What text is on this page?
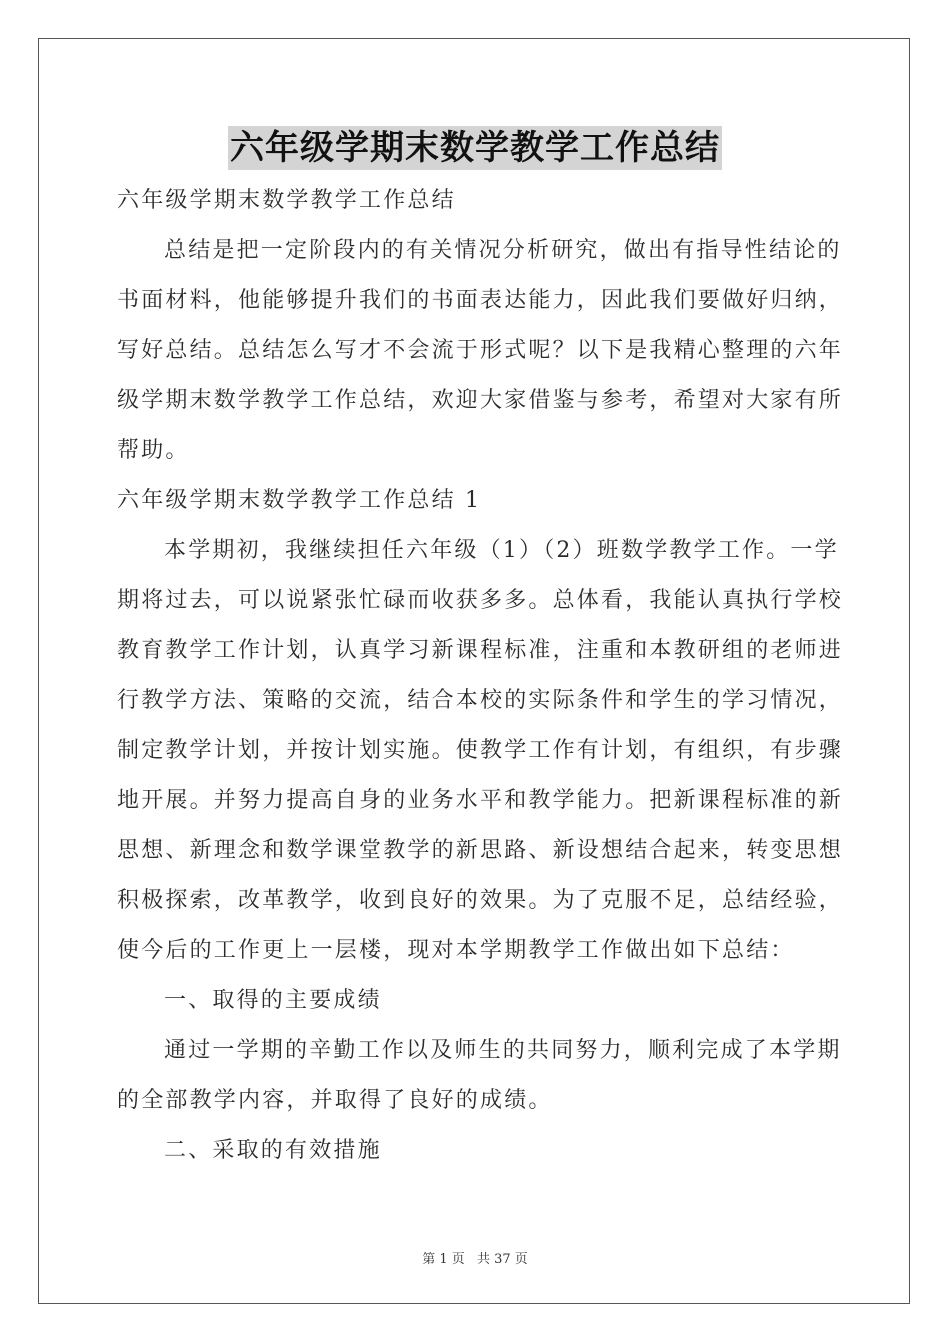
六年级学期末数学教学工作总结
六年级学期末数学教学工作总结
总结是把一定阶段内的有关情况分析研究，做出有指导性结论的
书面材料，他能够提升我们的书面表达能力，因此我们要做好归纳，
写好总结。总结怎么写才不会流于形式呢？以下是我精心整理的六年
级学期末数学教学工作总结，欢迎大家借鉴与参考，希望对大家有所
帮助。
六年级学期末数学教学工作总结 1
本学期初，我继续担任六年级（1）（2）班数学教学工作。一学
期将过去，可以说紧张忙碌而收获多多。总体看，我能认真执行学校
教育教学工作计划，认真学习新课程标准，注重和本教研组的老师进
行教学方法、策略的交流，结合本校的实际条件和学生的学习情况，
制定教学计划，并按计划实施。使教学工作有计划，有组织，有步骤
地开展。并努力提高自身的业务水平和教学能力。把新课程标准的新
思想、新理念和数学课堂教学的新思路、新设想结合起来，转变思想
积极探索，改革教学，收到良好的效果。为了克服不足，总结经验，
使今后的工作更上一层楼，现对本学期教学工作做出如下总结：
一、取得的主要成绩
通过一学期的辛勤工作以及师生的共同努力，顺利完成了本学期
的全部教学内容，并取得了良好的成绩。
二、采取的有效措施
第 1 页 共 37 页
